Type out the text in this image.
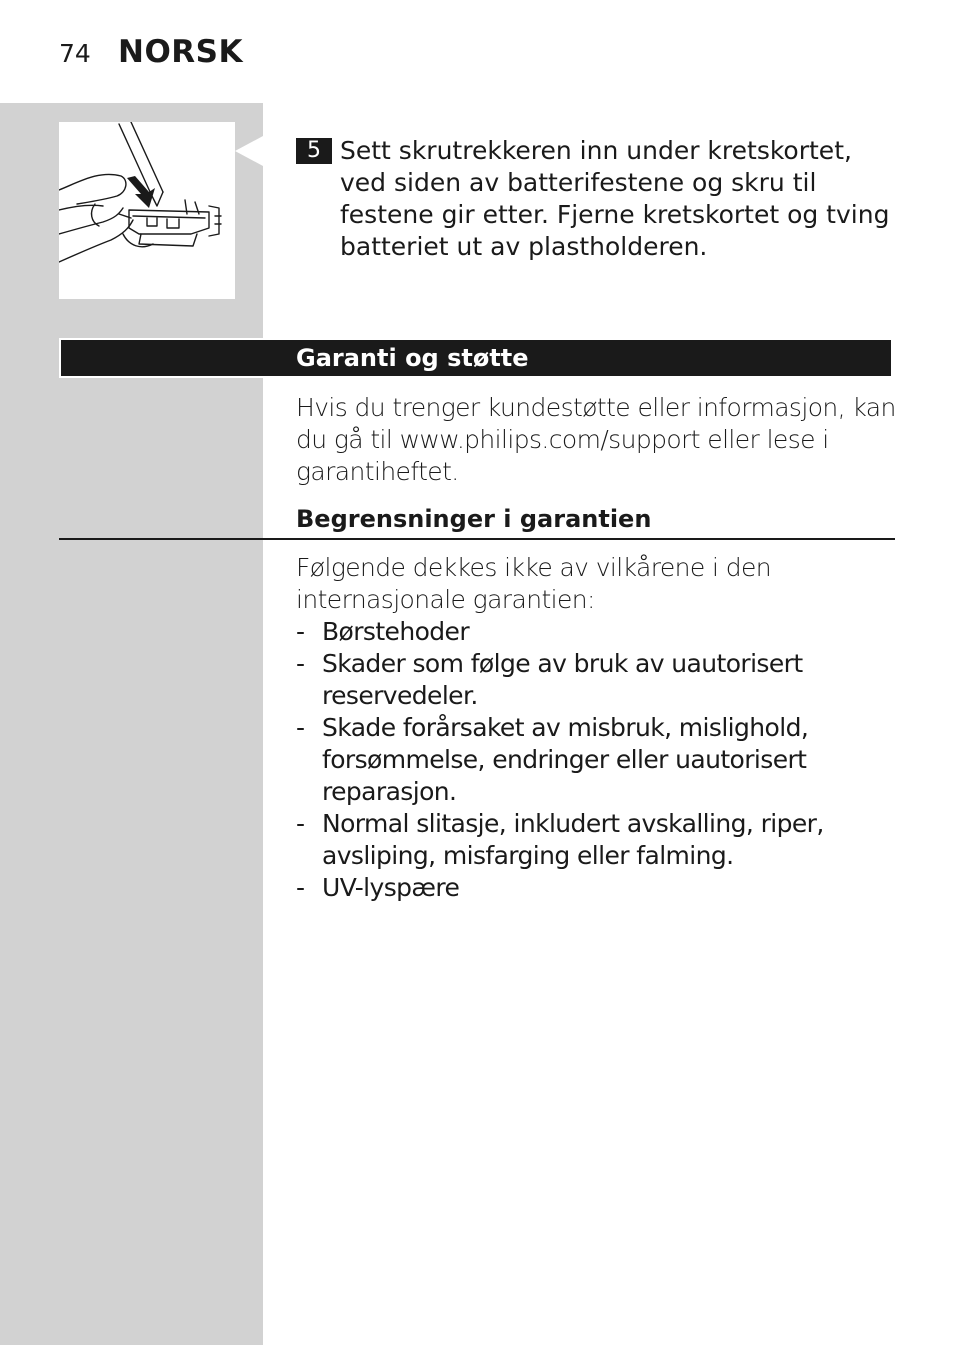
74 NORSK
5 Sett skrutrekkeren inn under kretskortet, ved siden av batterifestene og skru til festene gir etter. Fjerne kretskortet og tving batteriet ut av plastholderen.

Garanti og støtte

Hvis du trenger kundestøtte eller informasjon, kan du gå til www.philips.com/support eller lese i garantiheftet.

Begrensninger i garantien

Følgende dekkes ikke av vilkårene i den internasjonale garantien:

- Børstehoder
- Skader som følge av bruk av uautorisert reservedeler.
- Skade forårsaket av misbruk, mislighold, forsømmelse, endringer eller uautorisert reparasjon.
- Normal slitasje, inkludert avskalling, riper, avsliping, misfarging eller falming.
- UV-lyspære
